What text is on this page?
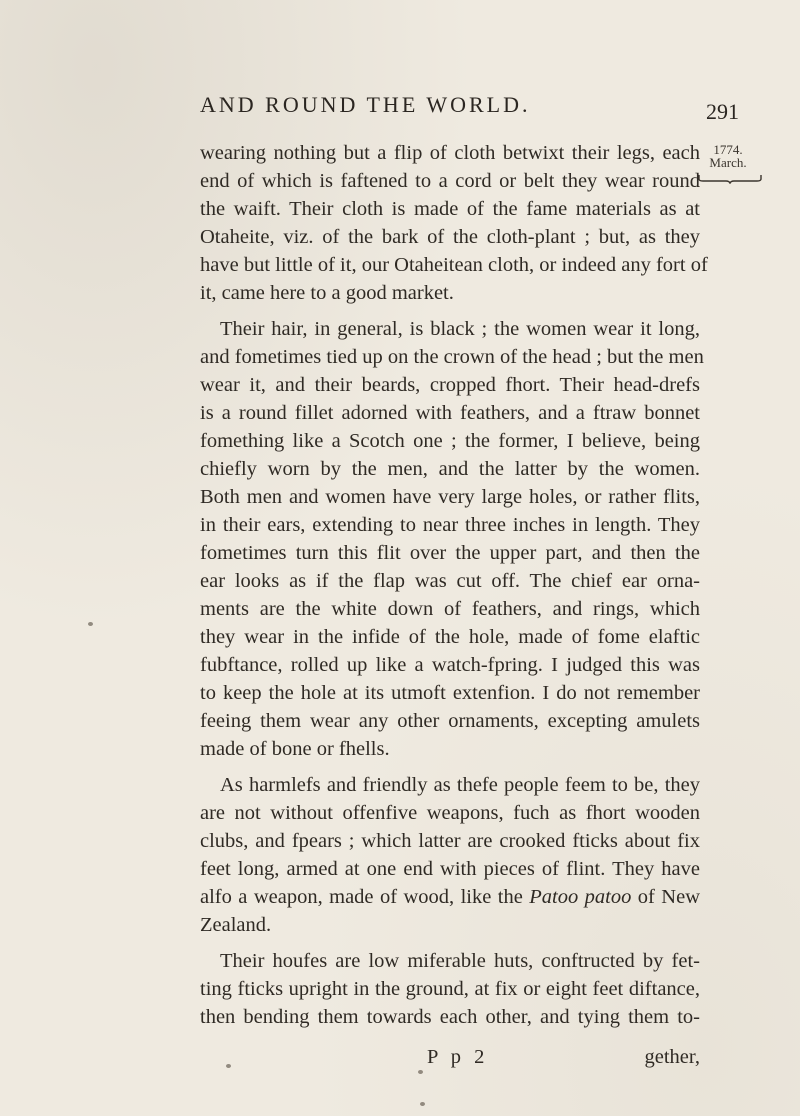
AND ROUND THE WORLD.	291
1774.
March.
wearing nothing but a flip of cloth betwixt their legs, each
end of which is faftened to a cord or belt they wear round
the waift. Their cloth is made of the fame materials as at
Otaheite, viz. of the bark of the cloth-plant ; but, as they
have but little of it, our Otaheitean cloth, or indeed any fort of
it, came here to a good market.
Their hair, in general, is black ; the women wear it long,
and fometimes tied up on the crown of the head ; but the men
wear it, and their beards, cropped fhort. Their head-drefs
is a round fillet adorned with feathers, and a ftraw bonnet
fomething like a Scotch one ; the former, I believe, being
chiefly worn by the men, and the latter by the women.
Both men and women have very large holes, or rather flits,
in their ears, extending to near three inches in length. They
fometimes turn this flit over the upper part, and then the
ear looks as if the flap was cut off. The chief ear orna-
ments are the white down of feathers, and rings, which
they wear in the infide of the hole, made of fome elaftic
fubftance, rolled up like a watch-fpring. I judged this was
to keep the hole at its utmoft extenfion. I do not remember
feeing them wear any other ornaments, excepting amulets
made of bone or fhells.
As harmlefs and friendly as thefe people feem to be, they
are not without offenfive weapons, fuch as fhort wooden
clubs, and fpears ; which latter are crooked fticks about fix
feet long, armed at one end with pieces of flint. They have
alfo a weapon, made of wood, like the Patoo patoo of New
Zealand.
Their houfes are low miferable huts, conftructed by fet-
ting fticks upright in the ground, at fix or eight feet diftance,
then bending them towards each other, and tying them to-
P p 2	gether,
